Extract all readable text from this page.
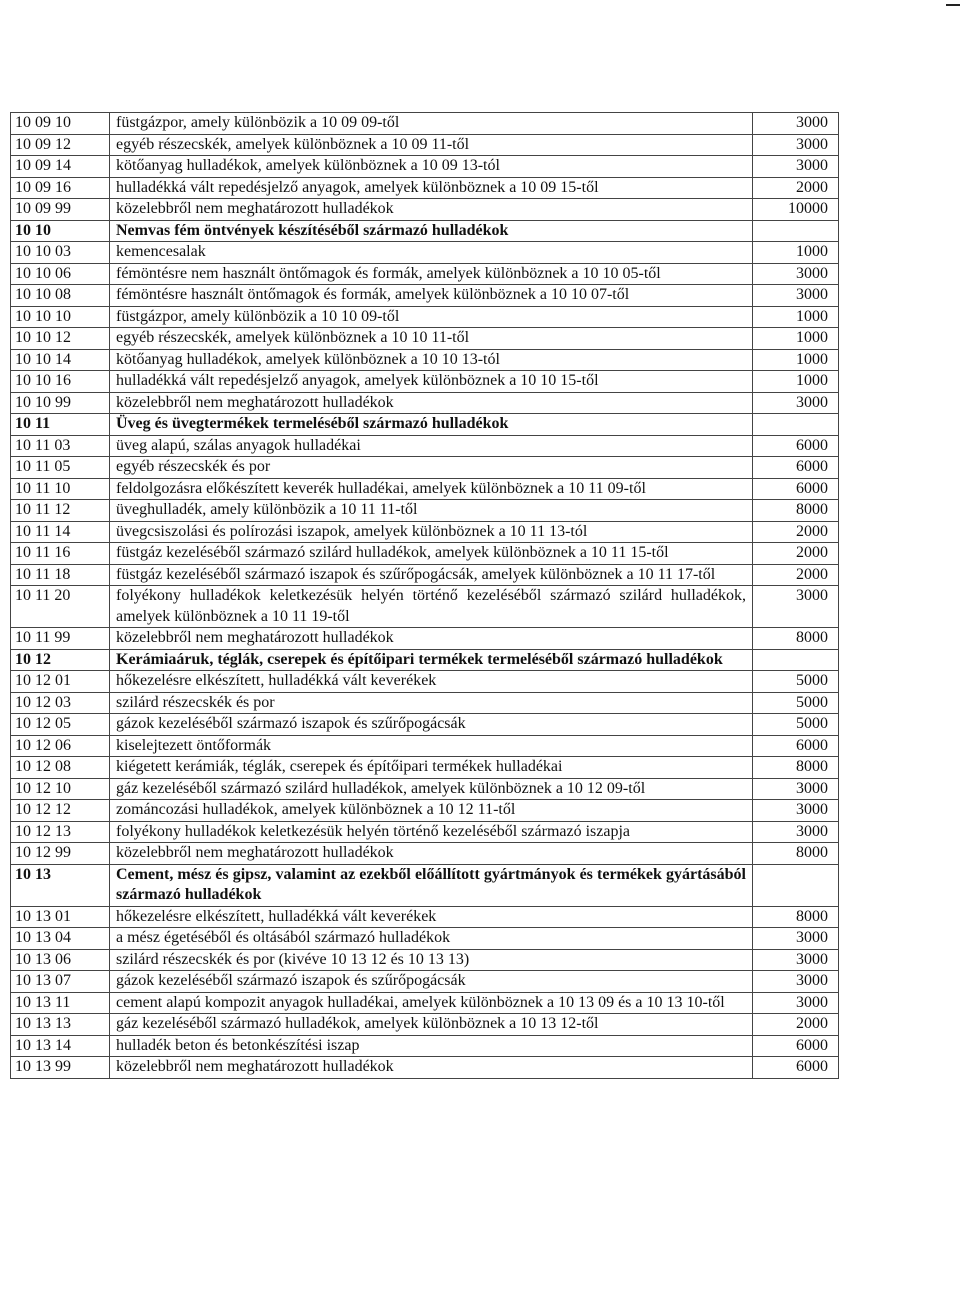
10 09 10	füstgázpor, amely különbözik a 10 09 09-től	3000
10 09 12	egyéb részecskék, amelyek különböznek a 10 09 11-től	3000
10 09 14	kötőanyag hulladékok, amelyek különböznek a 10 09 13-tól	3000
10 09 16	hulladékká vált repedésjelző anyagok, amelyek különböznek a 10 09 15-től	2000
10 09 99	közelebbről nem meghatározott hulladékok	10000
10 10	Nemvas fém öntvények készítéséből származó hulladékok	
10 10 03	kemencesalak	1000
10 10 06	fémöntésre nem használt öntőmagok és formák, amelyek különböznek a 10 10 05-től	3000
10 10 08	fémöntésre használt öntőmagok és formák, amelyek különböznek a 10 10 07-től	3000
10 10 10	füstgázpor, amely különbözik a 10 10 09-től	1000
10 10 12	egyéb részecskék, amelyek különböznek a 10 10 11-től	1000
10 10 14	kötőanyag hulladékok, amelyek különböznek a 10 10 13-tól	1000
10 10 16	hulladékká vált repedésjelző anyagok, amelyek különböznek a 10 10 15-től	1000
10 10 99	közelebbről nem meghatározott hulladékok	3000
10 11	Üveg és üvegtermékek termeléséből származó hulladékok	
10 11 03	üveg alapú, szálas anyagok hulladékai	6000
10 11 05	egyéb részecskék és por	6000
10 11 10	feldolgozásra előkészített keverék hulladékai, amelyek különböznek a 10 11 09-től	6000
10 11 12	üveghulladék, amely különbözik a 10 11 11-től	8000
10 11 14	üvegcsiszolási és polírozási iszapok, amelyek különböznek a 10 11 13-tól	2000
10 11 16	füstgáz kezeléséből származó szilárd hulladékok, amelyek különböznek a 10 11 15-től	2000
10 11 18	füstgáz kezeléséből származó iszapok és szűrőpogácsák, amelyek különböznek a 10 11 17-től	2000
10 11 20	folyékony hulladékok keletkezésük helyén történő kezeléséből származó szilárd hulladékok, amelyek különböznek a 10 11 19-től	3000
10 11 99	közelebbről nem meghatározott hulladékok	8000
10 12	Kerámiaáruk, téglák, cserepek és építőipari termékek termeléséből származó hulladékok	
10 12 01	hőkezelésre elkészített, hulladékká vált keverékek	5000
10 12 03	szilárd részecskék és por	5000
10 12 05	gázok kezeléséből származó iszapok és szűrőpogácsák	5000
10 12 06	kiselejtezett öntőformák	6000
10 12 08	kiégetett kerámiák, téglák, cserepek és építőipari termékek hulladékai	8000
10 12 10	gáz kezeléséből származó szilárd hulladékok, amelyek különböznek a 10 12 09-től	3000
10 12 12	zománcozási hulladékok, amelyek különböznek a 10 12 11-től	3000
10 12 13	folyékony hulladékok keletkezésük helyén történő kezeléséből származó iszapja	3000
10 12 99	közelebbről nem meghatározott hulladékok	8000
10 13	Cement, mész és gipsz, valamint az ezekből előállított gyártmányok és termékek gyártásából származó hulladékok	
10 13 01	hőkezelésre elkészített, hulladékká vált keverékek	8000
10 13 04	a mész égetéséből és oltásából származó hulladékok	3000
10 13 06	szilárd részecskék és por (kivéve 10 13 12 és 10 13 13)	3000
10 13 07	gázok kezeléséből származó iszapok és szűrőpogácsák	3000
10 13 11	cement alapú kompozit anyagok hulladékai, amelyek különböznek a 10 13 09 és a 10 13 10-től	3000
10 13 13	gáz kezeléséből származó hulladékok, amelyek különböznek a 10 13 12-től	2000
10 13 14	hulladék beton és betonkészítési iszap	6000
10 13 99	közelebbről nem meghatározott hulladékok	6000
